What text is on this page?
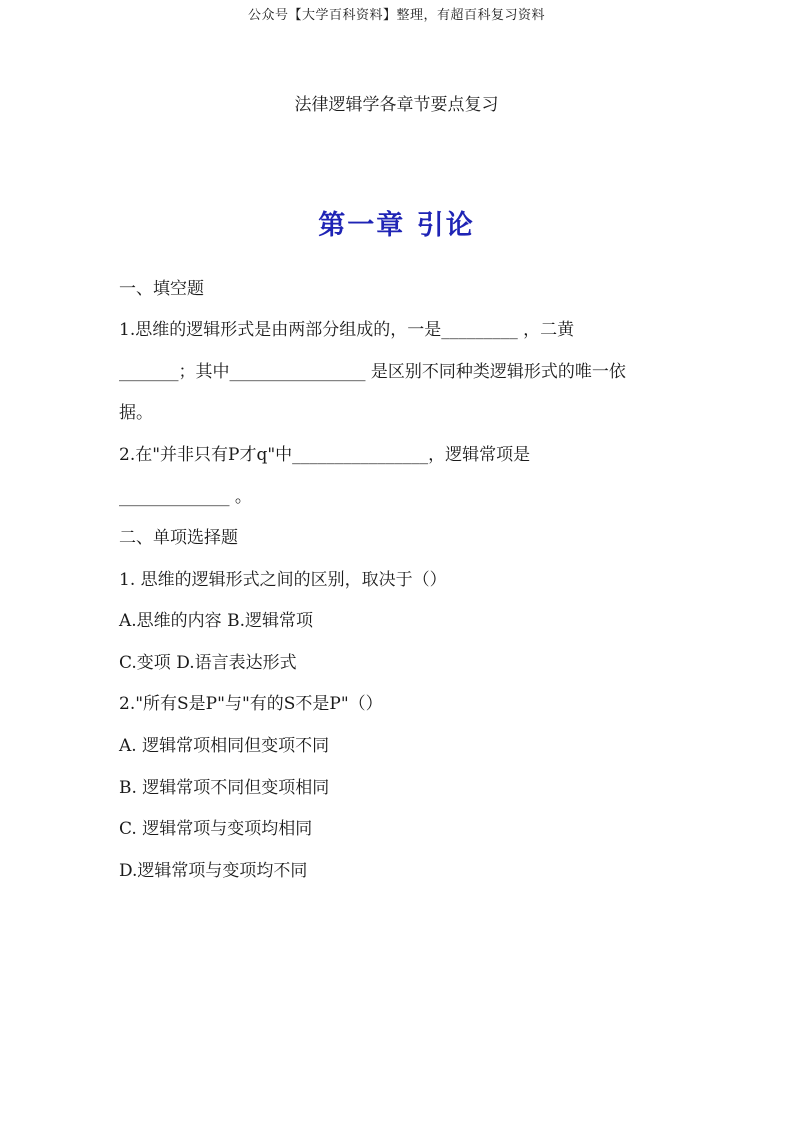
公众号【大学百科资料】整理，有超百科复习资料
法律逻辑学各章节要点复习
第一章 引论
一、填空题
1.思维的逻辑形式是由两部分组成的，一是_________ ，二黄
_______；其中________________ 是区别不同种类逻辑形式的唯一依
据。
2.在"并非只有P才q"中________________，逻辑常项是
_____________ 。
二、单项选择题
1. 思维的逻辑形式之间的区别，取决于（）
A.思维的内容 B.逻辑常项
C.变项 D.语言表达形式
2."所有S是P"与"有的S不是P"（）
A. 逻辑常项相同但变项不同
B. 逻辑常项不同但变项相同
C. 逻辑常项与变项均相同
D.逻辑常项与变项均不同
